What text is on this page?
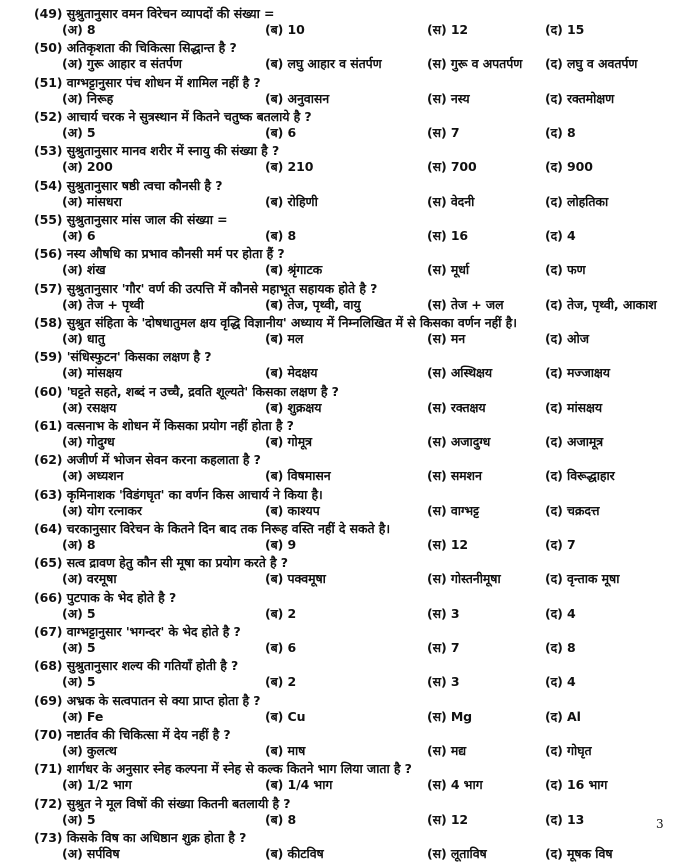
(49) सुश्रुतानुसार वमन विरेचन व्यापदों की संख्या =
(अ) 8	(ब) 10	(स) 12	(द) 15
(50) अतिकृशता की चिकित्सा सिद्धान्त है ?
(अ) गुरू आहार व संतर्पण	(ब) लघु आहार व संतर्पण	(स) गुरू व अपतर्पण (द) लघु व अवतर्पण
(51) वाग्भट्टानुसार पंच शोधन में शामिल नहीं है ?
(अ) निरूह	(ब) अनुवासन	(स) नस्य	(द) रक्तमोक्षण
(52) आचार्य चरक ने सुत्रस्थान में कितने चतुष्क बतलाये है ?
(अ) 5	(ब) 6	(स) 7	(द) 8
(53) सुश्रुतानुसार मानव शरीर में स्नायु की संख्या है ?
(अ) 200	(ब) 210	(स) 700	(द) 900
(54) सुश्रुतानुसार षष्ठी त्वचा कौनसी है ?
(अ) मांसधरा	(ब) रोहिणी	(स) वेदनी	(द) लोहतिका
(55) सुश्रुतानुसार मांस जाल की संख्या =
(अ) 6	(ब) 8	(स) 16	(द) 4
(56) नस्य औषधि का प्रभाव कौनसी मर्म पर होता हैं ?
(अ) शंख	(ब) श्रृंगाटक	(स) मूर्धा	(द) फण
(57) सुश्रुतानुसार 'गौर' वर्ण की उत्पत्ति में कौनसे महाभूत सहायक होते है ?
(अ) तेज + पृथ्वी	(ब) तेज, पृथ्वी, वायु	(स) तेज + जल	(द) तेज, पृथ्वी, आकाश
(58) सुश्रुत संहिता के 'दोषधातुमल क्षय वृद्धि विज्ञानीय' अध्याय में निम्नलिखित में से किसका वर्णन नहीं है।
(अ) धातु	(ब) मल	(स) मन	(द) ओज
(59) 'संधिस्फुटन' किसका लक्षण है ?
(अ) मांसक्षय	(ब) मेदक्षय	(स) अस्थिक्षय	(द) मज्जाक्षय
(60) 'घट्टते सहते, शब्दं न उच्चै, द्रवति शूल्यते' किसका लक्षण है ?
(अ) रसक्षय	(ब) शुक्रक्षय	(स) रक्तक्षय	(द) मांसक्षय
(61) वत्सनाभ के शोधन में किसका प्रयोग नहीं होता है ?
(अ) गोदुग्ध	(ब) गोमूत्र	(स) अजादुग्ध	(द) अजामूत्र
(62) अजीर्ण में भोजन सेवन करना कहलाता है ?
(अ) अध्यशन	(ब) विषमासन	(स) समशन	(द) विरूद्धाहार
(63) कृमिनाशक 'विडंगघृत' का वर्णन किस आचार्य ने किया है।
(अ) योग रत्नाकर	(ब) काश्यप	(स) वाग्भट्ट	(द) चक्रदत्त
(64) चरकानुसार विरेचन के कितने दिन बाद तक निरूह वस्ति नहीं दे सकते है।
(अ) 8	(ब) 9	(स) 12	(द) 7
(65) सत्व द्रावण हेतु कौन सी मूषा का प्रयोग करते है ?
(अ) वरमूषा	(ब) पक्वमूषा	(स) गोस्तनीमूषा	(द) वृन्ताक मूषा
(66) पुटपाक के भेद होते है ?
(अ) 5	(ब) 2	(स) 3	(द) 4
(67) वाग्भट्टानुसार 'भगन्दर' के भेद होते है ?
(अ) 5	(ब) 6	(स) 7	(द) 8
(68) सुश्रुतानुसार शल्य की गतियाँ होती है ?
(अ) 5	(ब) 2	(स) 3	(द) 4
(69) अभ्रक के सत्वपातन से क्या प्राप्त होता है ?
(अ) Fe	(ब) Cu	(स) Mg	(द) Al
(70) नष्टार्तव की चिकित्सा में देय नहीं है ?
(अ) कुलत्थ	(ब) माष	(स) मद्य	(द) गोघृत
(71) शार्गधर के अनुसार स्नेह कल्पना में स्नेह से कल्क कितने भाग लिया जाता है ?
(अ) 1/2 भाग	(ब) 1/4 भाग	(स) 4 भाग	(द) 16 भाग
(72) सुश्रुत ने मूल विषों की संख्या कितनी बतलायी है ?
(अ) 5	(ब) 8	(स) 12	(द) 13
(73) किसके विष का अधिष्ठान शुक्र होता है ?
(अ) सर्पविष	(ब) कीटविष	(स) लूताविष	(द) मूषक विष
3
